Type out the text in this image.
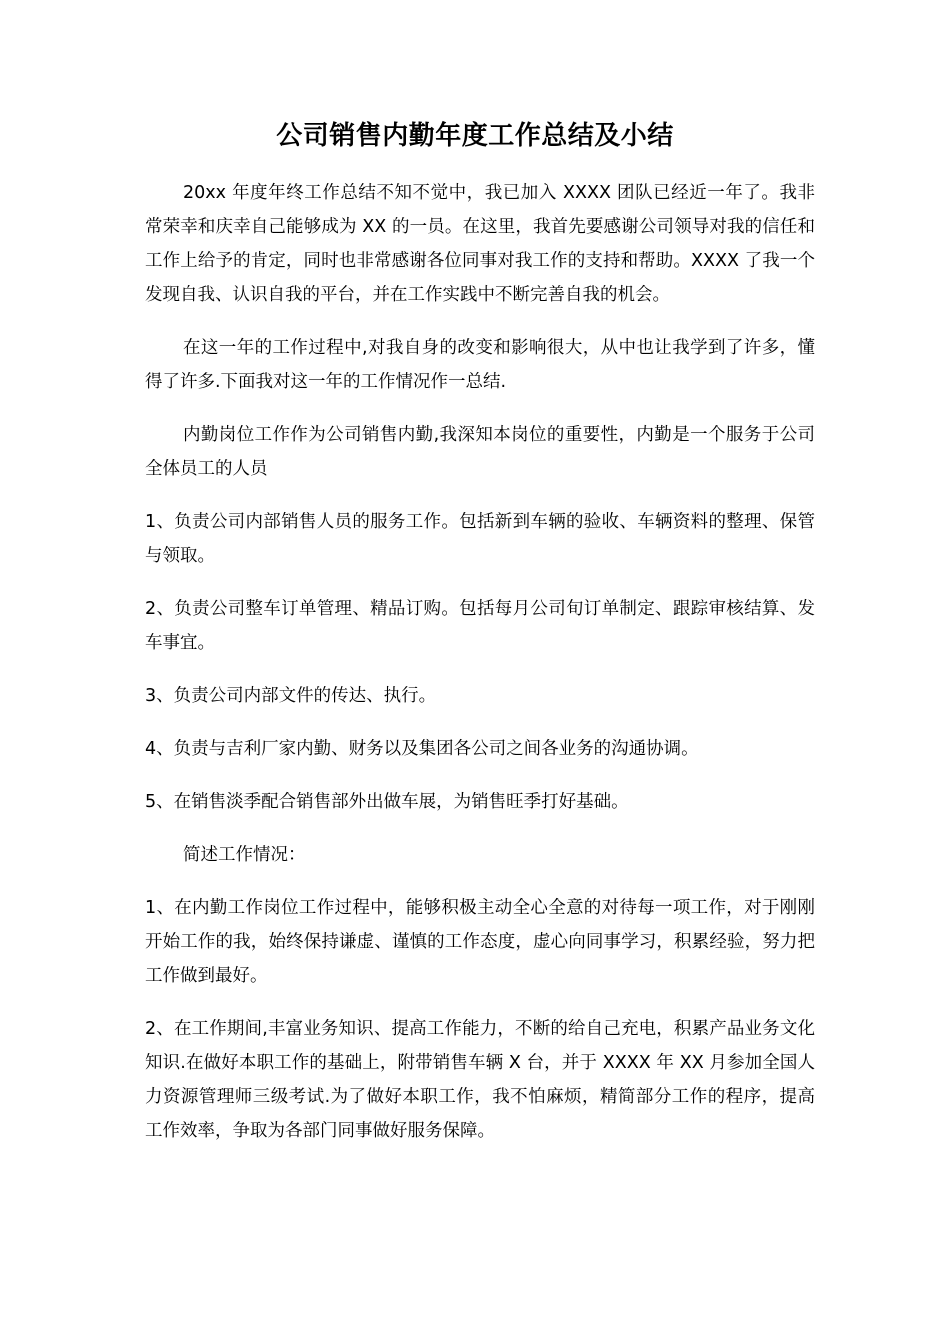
公司销售内勤年度工作总结及小结

20xx 年度年终工作总结不知不觉中，我已加入 XXXX 团队已经近一年了。我非常荣幸和庆幸自己能够成为 XX 的一员。在这里，我首先要感谢公司领导对我的信任和工作上给予的肯定，同时也非常感谢各位同事对我工作的支持和帮助。XXXX 了我一个发现自我、认识自我的平台，并在工作实践中不断完善自我的机会。

在这一年的工作过程中,对我自身的改变和影响很大，从中也让我学到了许多，懂得了许多.下面我对这一年的工作情况作一总结.

内勤岗位工作作为公司销售内勤,我深知本岗位的重要性，内勤是一个服务于公司全体员工的人员

1、负责公司内部销售人员的服务工作。包括新到车辆的验收、车辆资料的整理、保管与领取。

2、负责公司整车订单管理、精品订购。包括每月公司旬订单制定、跟踪审核结算、发车事宜。

3、负责公司内部文件的传达、执行。

4、负责与吉利厂家内勤、财务以及集团各公司之间各业务的沟通协调。

5、在销售淡季配合销售部外出做车展，为销售旺季打好基础。

简述工作情况：

1、在内勤工作岗位工作过程中，能够积极主动全心全意的对待每一项工作，对于刚刚开始工作的我，始终保持谦虚、谨慎的工作态度，虚心向同事学习，积累经验，努力把工作做到最好。

2、在工作期间,丰富业务知识、提高工作能力，不断的给自己充电，积累产品业务文化知识.在做好本职工作的基础上，附带销售车辆 X 台，并于 XXXX 年 XX 月参加全国人力资源管理师三级考试.为了做好本职工作，我不怕麻烦，精简部分工作的程序，提高工作效率，争取为各部门同事做好服务保障。
